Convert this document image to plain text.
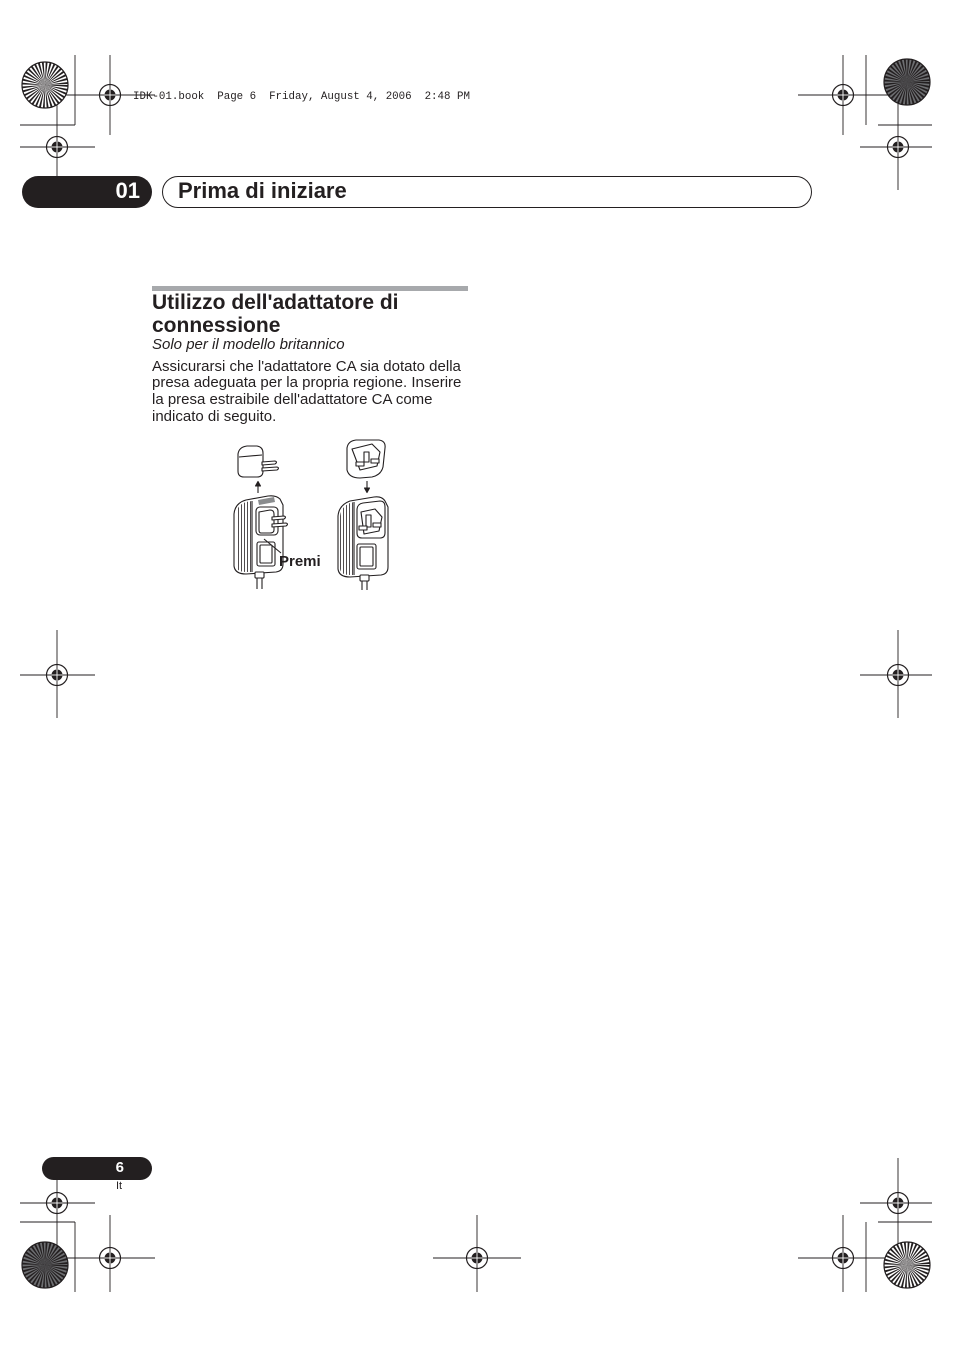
Premi
IDK-01.book  Page 6  Friday, August 4, 2006  2:48 PM
01 Prima di iniziare
Utilizzo dell'adattatore di connessione
Solo per il modello britannico

Assicurarsi che l'adattatore CA sia dotato della presa adeguata per la propria regione. Inserire la presa estraibile dell'adattatore CA come indicato di seguito.

6
It
